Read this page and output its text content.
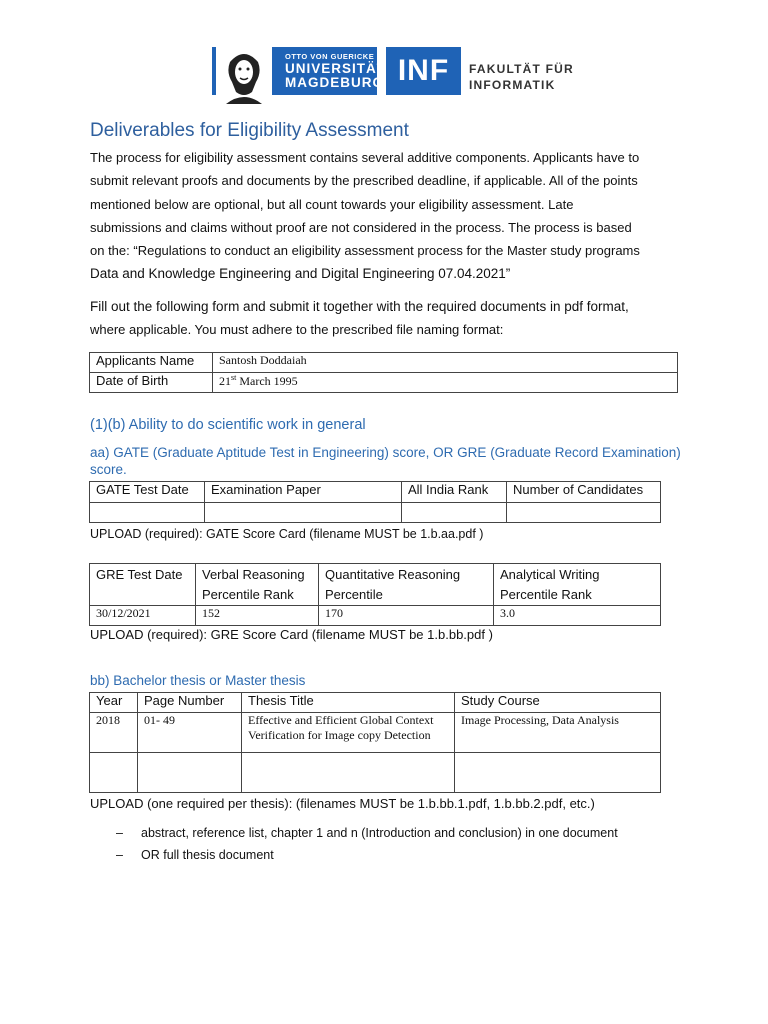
OTTO VON GUERICKE
UNIVERSITÄT
MAGDEBURG INF	FAKULTÄT FÜR
INFORMATIK
Deliverables for Eligibility Assessment
The process for eligibility assessment contains several additive components. Applicants have to
submit relevant proofs and documents by the prescribed deadline, if applicable. All of the points
mentioned below are optional, but all count towards your eligibility assessment. Late
submissions and claims without proof are not considered in the process. The process is based
on the: “Regulations to conduct an eligibility assessment process for the Master study programs
Data and Knowledge Engineering and Digital Engineering 07.04.2021”
Fill out the following form and submit it together with the required documents in pdf format,
where applicable. You must adhere to the prescribed file naming format:
Applicants Name	Santosh Doddaiah
Date of Birth	21st March 1995
(1)(b) Ability to do scientific work in general
aa) GATE (Graduate Aptitude Test in Engineering) score, OR GRE (Graduate Record Examination) score.
GATE Test Date	Examination Paper	All India Rank	Number of Candidates

UPLOAD (required): GATE Score Card (filename MUST be 1.b.aa.pdf )
GRE Test Date	Verbal Reasoning Percentile Rank	Quantitative Reasoning Percentile	Analytical Writing Percentile Rank
30/12/2021	152	170	3.0
UPLOAD (required): GRE Score Card (filename MUST be 1.b.bb.pdf )
bb) Bachelor thesis or Master thesis
Year	Page Number	Thesis Title	Study Course
2018	01- 49	Effective and Efficient Global Context Verification for Image copy Detection	Image Processing, Data Analysis

UPLOAD (one required per thesis): (filenames MUST be 1.b.bb.1.pdf, 1.b.bb.2.pdf, etc.)
– abstract, reference list, chapter 1 and n (Introduction and conclusion) in one document
– OR full thesis document
